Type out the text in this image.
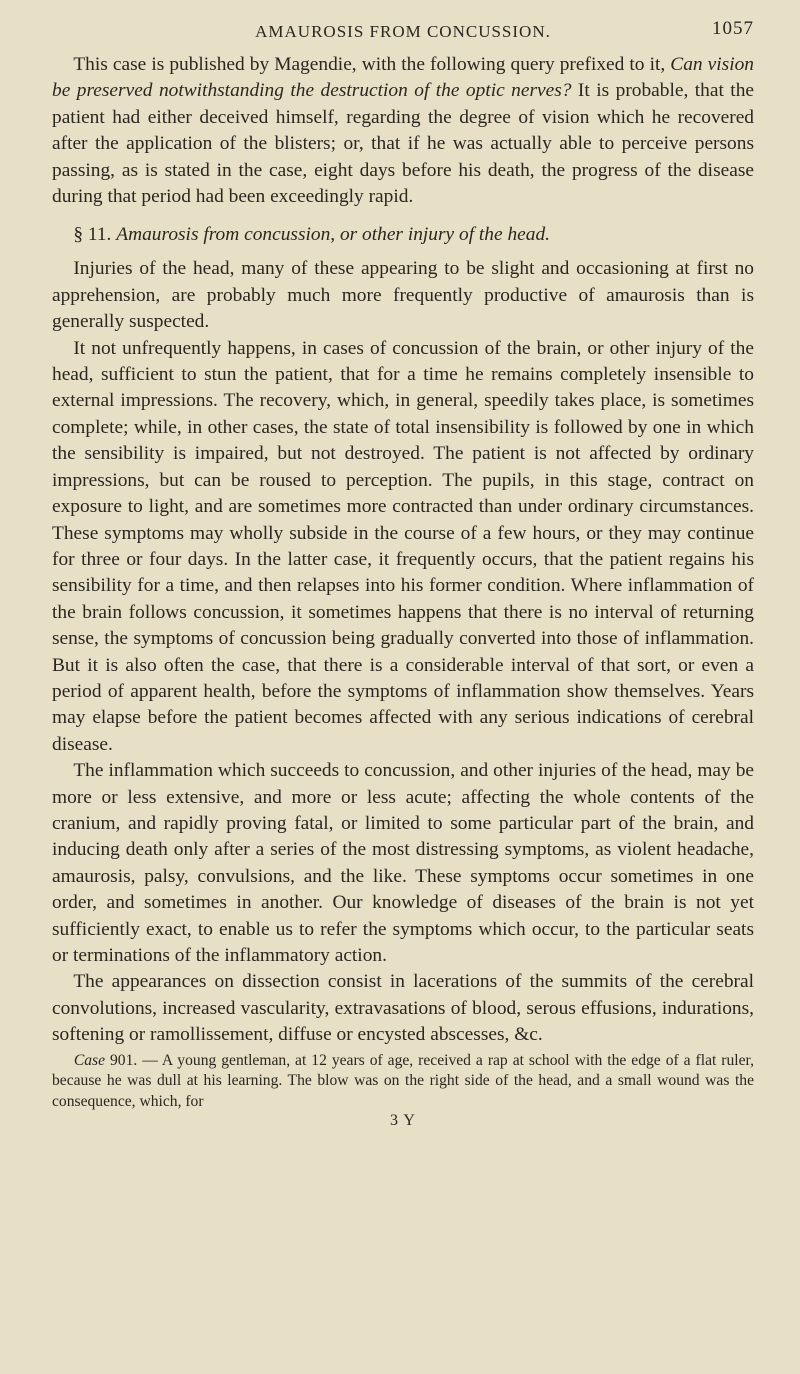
AMAUROSIS FROM CONCUSSION.	1057

This case is published by Magendie, with the following query prefixed to it, Can vision be preserved notwithstanding the destruction of the optic nerves? It is probable, that the patient had either deceived himself, regarding the degree of vision which he recovered after the application of the blisters; or, that if he was actually able to perceive persons passing, as is stated in the case, eight days before his death, the progress of the disease during that period had been exceedingly rapid.

§ 11. Amaurosis from concussion, or other injury of the head.

Injuries of the head, many of these appearing to be slight and occasioning at first no apprehension, are probably much more frequently productive of amaurosis than is generally suspected.

It not unfrequently happens, in cases of concussion of the brain, or other injury of the head, sufficient to stun the patient, that for a time he remains completely insensible to external impressions. The recovery, which, in general, speedily takes place, is sometimes complete; while, in other cases, the state of total insensibility is followed by one in which the sensibility is impaired, but not destroyed. The patient is not affected by ordinary impressions, but can be roused to perception. The pupils, in this stage, contract on exposure to light, and are sometimes more contracted than under ordinary circumstances. These symptoms may wholly subside in the course of a few hours, or they may continue for three or four days. In the latter case, it frequently occurs, that the patient regains his sensibility for a time, and then relapses into his former condition. Where inflammation of the brain follows concussion, it sometimes happens that there is no interval of returning sense, the symptoms of concussion being gradually converted into those of inflammation. But it is also often the case, that there is a considerable interval of that sort, or even a period of apparent health, before the symptoms of inflammation show themselves. Years may elapse before the patient becomes affected with any serious indications of cerebral disease.

The inflammation which succeeds to concussion, and other injuries of the head, may be more or less extensive, and more or less acute; affecting the whole contents of the cranium, and rapidly proving fatal, or limited to some particular part of the brain, and inducing death only after a series of the most distressing symptoms, as violent headache, amaurosis, palsy, convulsions, and the like. These symptoms occur sometimes in one order, and sometimes in another. Our knowledge of diseases of the brain is not yet sufficiently exact, to enable us to refer the symptoms which occur, to the particular seats or terminations of the inflammatory action.

The appearances on dissection consist in lacerations of the summits of the cerebral convolutions, increased vascularity, extravasations of blood, serous effusions, indurations, softening or ramollissement, diffuse or encysted abscesses, &c.

Case 901. — A young gentleman, at 12 years of age, received a rap at school with the edge of a flat ruler, because he was dull at his learning. The blow was on the right side of the head, and a small wound was the consequence, which, for

3 Y
